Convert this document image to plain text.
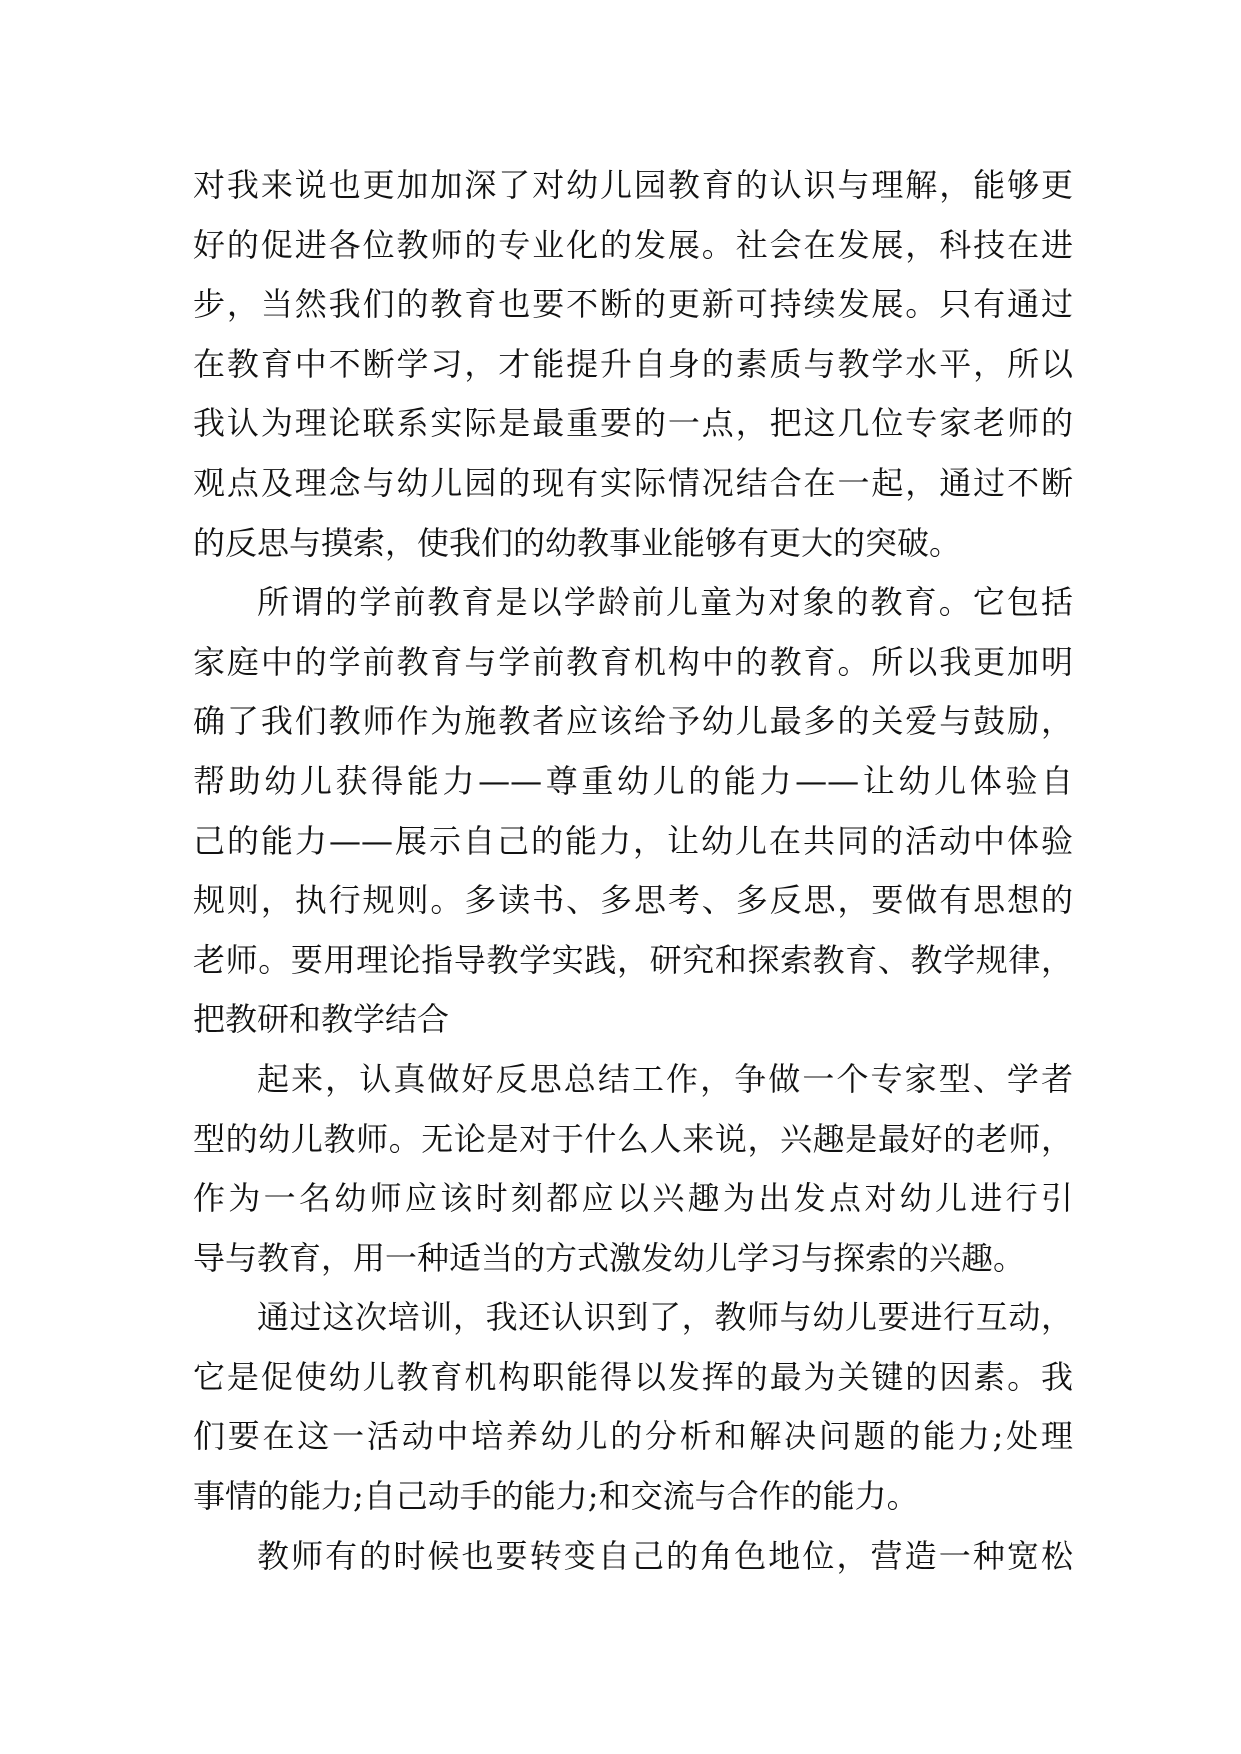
对我来说也更加加深了对幼儿园教育的认识与理解，能够更
好的促进各位教师的专业化的发展。社会在发展，科技在进
步，当然我们的教育也要不断的更新可持续发展。只有通过
在教育中不断学习，才能提升自身的素质与教学水平，所以
我认为理论联系实际是最重要的一点，把这几位专家老师的
观点及理念与幼儿园的现有实际情况结合在一起，通过不断
的反思与摸索，使我们的幼教事业能够有更大的突破。
所谓的学前教育是以学龄前儿童为对象的教育。它包括
家庭中的学前教育与学前教育机构中的教育。所以我更加明
确了我们教师作为施教者应该给予幼儿最多的关爱与鼓励，
帮助幼儿获得能力——尊重幼儿的能力——让幼儿体验自
己的能力——展示自己的能力，让幼儿在共同的活动中体验
规则，执行规则。多读书、多思考、多反思，要做有思想的
老师。要用理论指导教学实践，研究和探索教育、教学规律，
把教研和教学结合
起来，认真做好反思总结工作，争做一个专家型、学者
型的幼儿教师。无论是对于什么人来说，兴趣是最好的老师，
作为一名幼师应该时刻都应以兴趣为出发点对幼儿进行引
导与教育，用一种适当的方式激发幼儿学习与探索的兴趣。
通过这次培训，我还认识到了，教师与幼儿要进行互动，
它是促使幼儿教育机构职能得以发挥的最为关键的因素。我
们要在这一活动中培养幼儿的分析和解决问题的能力;处理
事情的能力;自己动手的能力;和交流与合作的能力。
教师有的时候也要转变自己的角色地位，营造一种宽松
